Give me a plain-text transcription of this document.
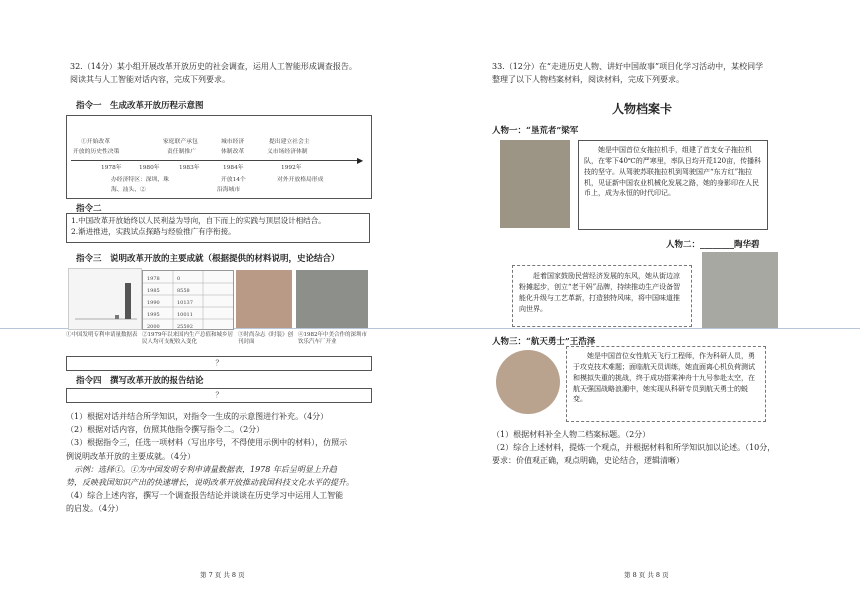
32.（14分）某小组开展改革开放历史的社会调查，运用人工智能形成调查报告。
阅读其与人工智能对话内容，完成下列要求。
指令一　生成改革开放历程示意图
①开始改革
开放的历史性决策
家庭联产承包
责任制推广
城市经济
体制改革
提出建立社会主
义市场经济体制
▶
1978年	1980年	1983年	1984年	1992年
办经济特区：深圳、珠
海、汕头、②
开放14个
沿海城市
对外开放格局形成
指令二
1.中国改革开放始终以人民利益为导向，自下而上的实践与顶层设计相结合。
2.渐进推进，实践试点探路与经验推广有序衔接。
指令三　说明改革开放的主要成就（根据提供的材料说明，史论结合）
1978	0
1985	8558
1990	10137
1995	10011
2000	25592
①中国发明专利申请量数据表 ②1979年以来国内生产总值和城乡居民人均可支配收入变化
③时尚杂志《时装》创刊封面
④1982年中美合作的深圳市饮乐汽车厂开业
？
指令四　撰写改革开放的报告结论
？
（1）根据对话并结合所学知识，对指令一生成的示意图进行补充。（4分）
（2）根据对话内容，仿照其他指令撰写指令二。（2分）
（3）根据指令三，任选一项材料（写出序号，不得使用示例中的材料），仿照示
例说明改革开放的主要成就。（4分）
示例：选择①。①为中国发明专利申请量数据表，1978 年后呈明显上升趋
势，反映我国知识产出的快速增长，说明改革开放推动我国科技文化水平的提升。
（4）综合上述内容，撰写一个调查报告结论并谈谈在历史学习中运用人工智能
的启发。（4分）
第 7 页 共 8 页
33.（12分）在“走进历史人物、讲好中国故事”项目化学习活动中，某校同学
整理了以下人物档案材料，阅读材料，完成下列要求。
人物档案卡
人物一：“垦荒者”梁军
她是中国首位女拖拉机手，组建了首支女子拖拉机队，在零下40℃的严寒里，率队日均开荒120亩，传播科技的坚守。从驾驶苏联拖拉机到驾驶国产“东方红”拖拉机，见证新中国农业机械化发展之路，她的身影印在人民币上，成为永恒的时代印记。
人物二：________陶华碧
赶着国家鼓励民营经济发展的东风，她从街边凉粉摊起步，创立“老干妈”品牌，持续推动生产设备智能化升级与工艺革新，打造独特风味，将中国味道推向世界。
人物三：“航天勇士”王浩泽
她是中国首位女性航天飞行工程师，作为科研人员，勇于攻克技术难题；面临航天员训练，她直面离心机负荷测试和模拟失重的挑战，终于成功搭乘神舟十九号参赴太空，在航天强国战略浪潮中，她实现从科研专员到航天勇士的蜕变。
（1）根据材料补全人物二档案标题。（2分）
（2）综合上述材料，提炼一个观点，并根据材料和所学知识加以论述。（10分，
要求：价值观正确，观点明确，史论结合，逻辑清晰）
第 8 页 共 8 页
